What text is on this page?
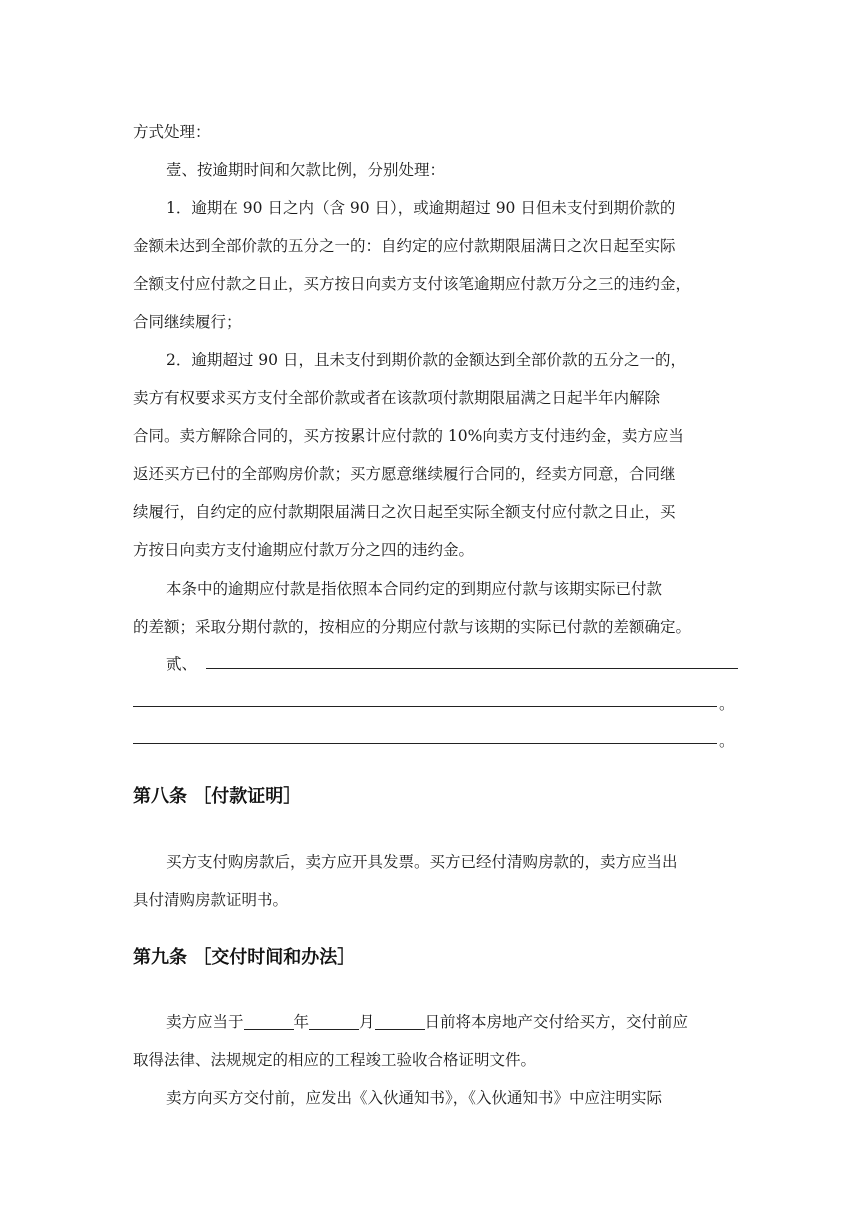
方式处理：
壹、按逾期时间和欠款比例，分别处理：
1．逾期在 90 日之内（含 90 日），或逾期超过 90 日但未支付到期价款的
金额未达到全部价款的五分之一的：自约定的应付款期限届满日之次日起至实际
全额支付应付款之日止，买方按日向卖方支付该笔逾期应付款万分之三的违约金，
合同继续履行；
2．逾期超过 90 日，且未支付到期价款的金额达到全部价款的五分之一的，
卖方有权要求买方支付全部价款或者在该款项付款期限届满之日起半年内解除
合同。卖方解除合同的，买方按累计应付款的 10%向卖方支付违约金，卖方应当
返还买方已付的全部购房价款；买方愿意继续履行合同的，经卖方同意，合同继
续履行，自约定的应付款期限届满日之次日起至实际全额支付应付款之日止，买
方按日向卖方支付逾期应付款万分之四的违约金。
本条中的逾期应付款是指依照本合同约定的到期应付款与该期实际已付款
的差额；采取分期付款的，按相应的分期应付款与该期的实际已付款的差额确定。
贰、
。
。
第八条 ［付款证明］
买方支付购房款后，卖方应开具发票。买方已经付清购房款的，卖方应当出
具付清购房款证明书。
第九条 ［交付时间和办法］
卖方应当于	年	月	日前将本房地产交付给买方，交付前应
取得法律、法规规定的相应的工程竣工验收合格证明文件。
卖方向买方交付前，应发出《入伙通知书》，《入伙通知书》中应注明实际
